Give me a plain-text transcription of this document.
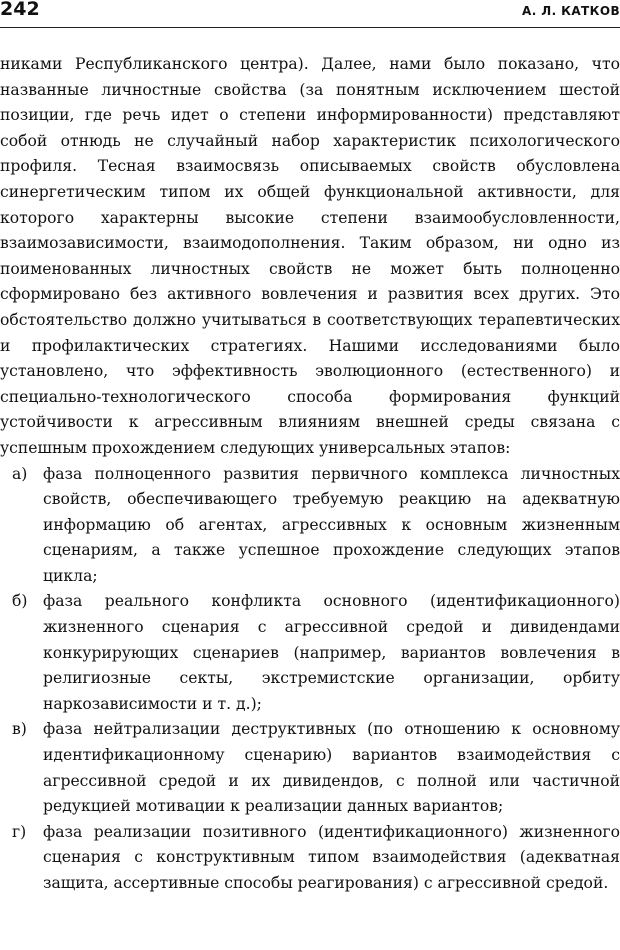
242	А. Л. КАТКОВ

никами Республиканского центра). Далее, нами было показано, что названные личностные свойства (за понятным исключением шестой позиции, где речь идет о степени информированности) представляют собой отнюдь не случайный набор характеристик психологического профиля. Тесная взаимосвязь описываемых свойств обусловлена синергетическим типом их общей функциональной активности, для которого характерны высокие степени взаимообусловленности, взаимозависимости, взаимодополнения. Таким образом, ни одно из поименованных личностных свойств не может быть полноценно сформировано без активного вовлечения и развития всех других. Это обстоятельство должно учитываться в соответствующих терапевтических и профилактических стратегиях. Нашими исследованиями было установлено, что эффективность эволюционного (естественного) и специально-технологического способа формирования функций устойчивости к агрессивным влияниям внешней среды связана с успешным прохождением следующих универсальных этапов:

а) фаза полноценного развития первичного комплекса личностных свойств, обеспечивающего требуемую реакцию на адекватную информацию об агентах, агрессивных к основным жизненным сценариям, а также успешное прохождение следующих этапов цикла;
б) фаза реального конфликта основного (идентификационного) жизненного сценария с агрессивной средой и дивидендами конкурирующих сценариев (например, вариантов вовлечения в религиозные секты, экстремистские организации, орбиту наркозависимости и т. д.);
в) фаза нейтрализации деструктивных (по отношению к основному идентификационному сценарию) вариантов взаимодействия с агрессивной средой и их дивидендов, с полной или частичной редукцией мотивации к реализации данных вариантов;
г) фаза реализации позитивного (идентификационного) жизненного сценария с конструктивным типом взаимодействия (адекватная защита, ассертивные способы реагирования) с агрессивной средой.
